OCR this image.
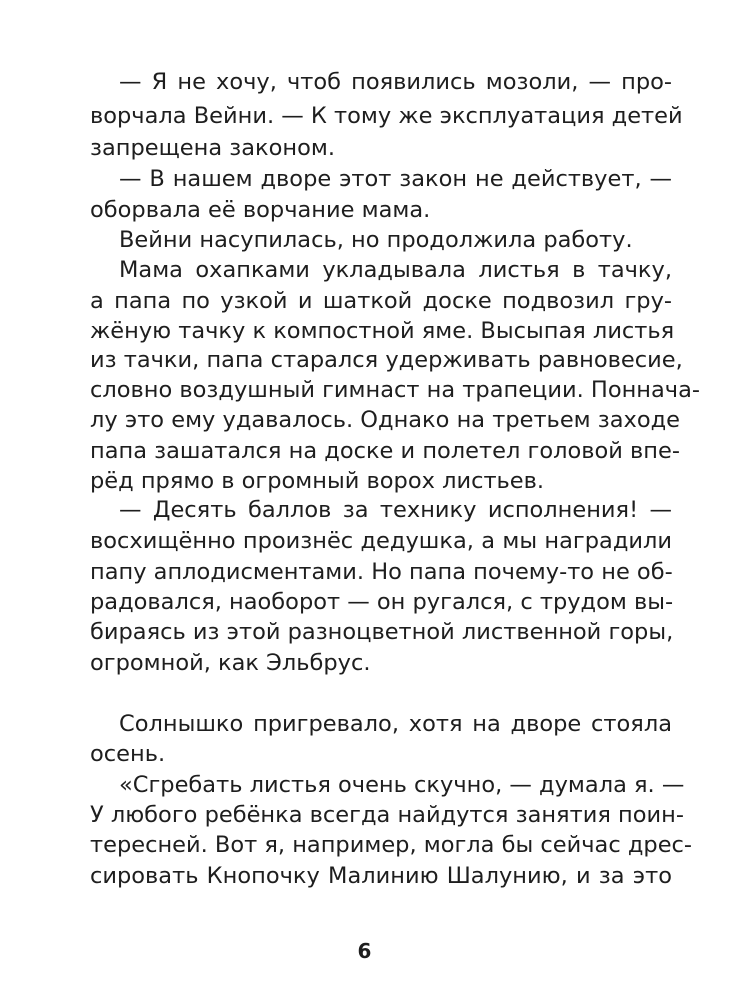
— Я не хочу, чтоб появились мозоли, — про-
ворчала Вейни. — К тому же эксплуатация детей
запрещена законом.
— В нашем дворе этот закон не действует, —
оборвала её ворчание мама.
Вейни насупилась, но продолжила работу.
Мама охапками укладывала листья в тачку,
а папа по узкой и шаткой доске подвозил гру-
жёную тачку к компостной яме. Высыпая листья
из тачки, папа старался удерживать равновесие,
словно воздушный гимнаст на трапеции. Поннача-
лу это ему удавалось. Однако на третьем заходе
папа зашатался на доске и полетел головой впе-
рёд прямо в огромный ворох листьев.
— Десять баллов за технику исполнения! —
восхищённо произнёс дедушка, а мы наградили
папу аплодисментами. Но папа почему-то не об-
радовался, наоборот — он ругался, с трудом вы-
бираясь из этой разноцветной лиственной горы,
огромной, как Эльбрус.
Солнышко пригревало, хотя на дворе стояла
осень.
«Сгребать листья очень скучно, — думала я. —
У любого ребёнка всегда найдутся занятия поин-
тересней. Вот я, например, могла бы сейчас дрес-
сировать Кнопочку Малинию Шалунию, и за это
6
